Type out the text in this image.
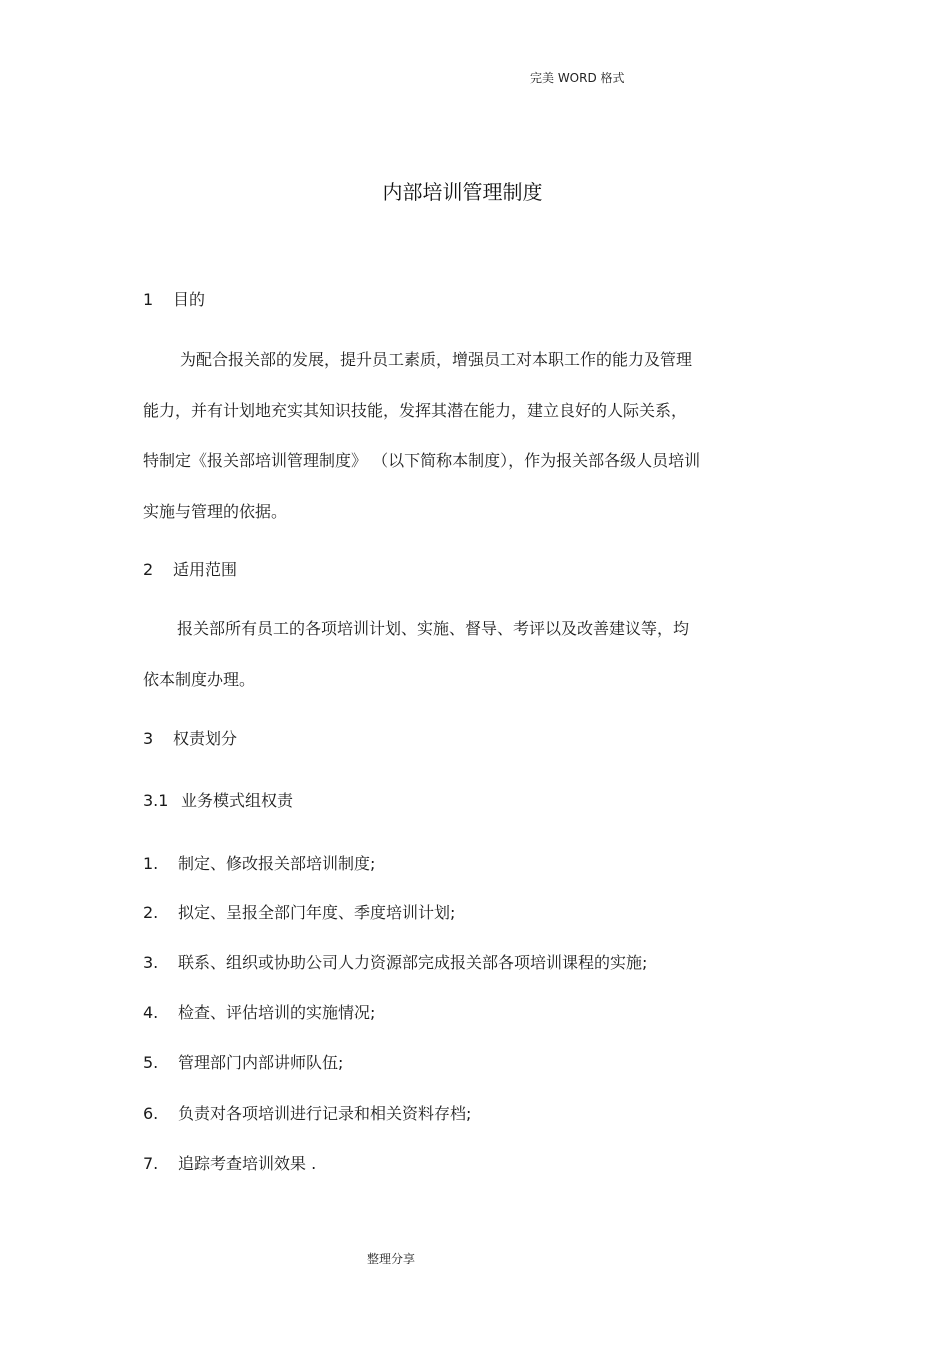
完美 WORD 格式
内部培训管理制度
1 目的
为配合报关部的发展，提升员工素质，增强员工对本职工作的能力及管理
能力，并有计划地充实其知识技能，发挥其潜在能力，建立良好的人际关系，
特制定《报关部培训管理制度》 （以下简称本制度），作为报关部各级人员培训
实施与管理的依据。
2 适用范围
报关部所有员工的各项培训计划、实施、督导、考评以及改善建议等，均
依本制度办理。
3 权责划分
3.1 业务模式组权责
1. 制定、修改报关部培训制度;
2. 拟定、呈报全部门年度、季度培训计划;
3. 联系、组织或协助公司人力资源部完成报关部各项培训课程的实施;
4. 检查、评估培训的实施情况;
5. 管理部门内部讲师队伍;
6. 负责对各项培训进行记录和相关资料存档;
7. 追踪考查培训效果 .
整理分享
